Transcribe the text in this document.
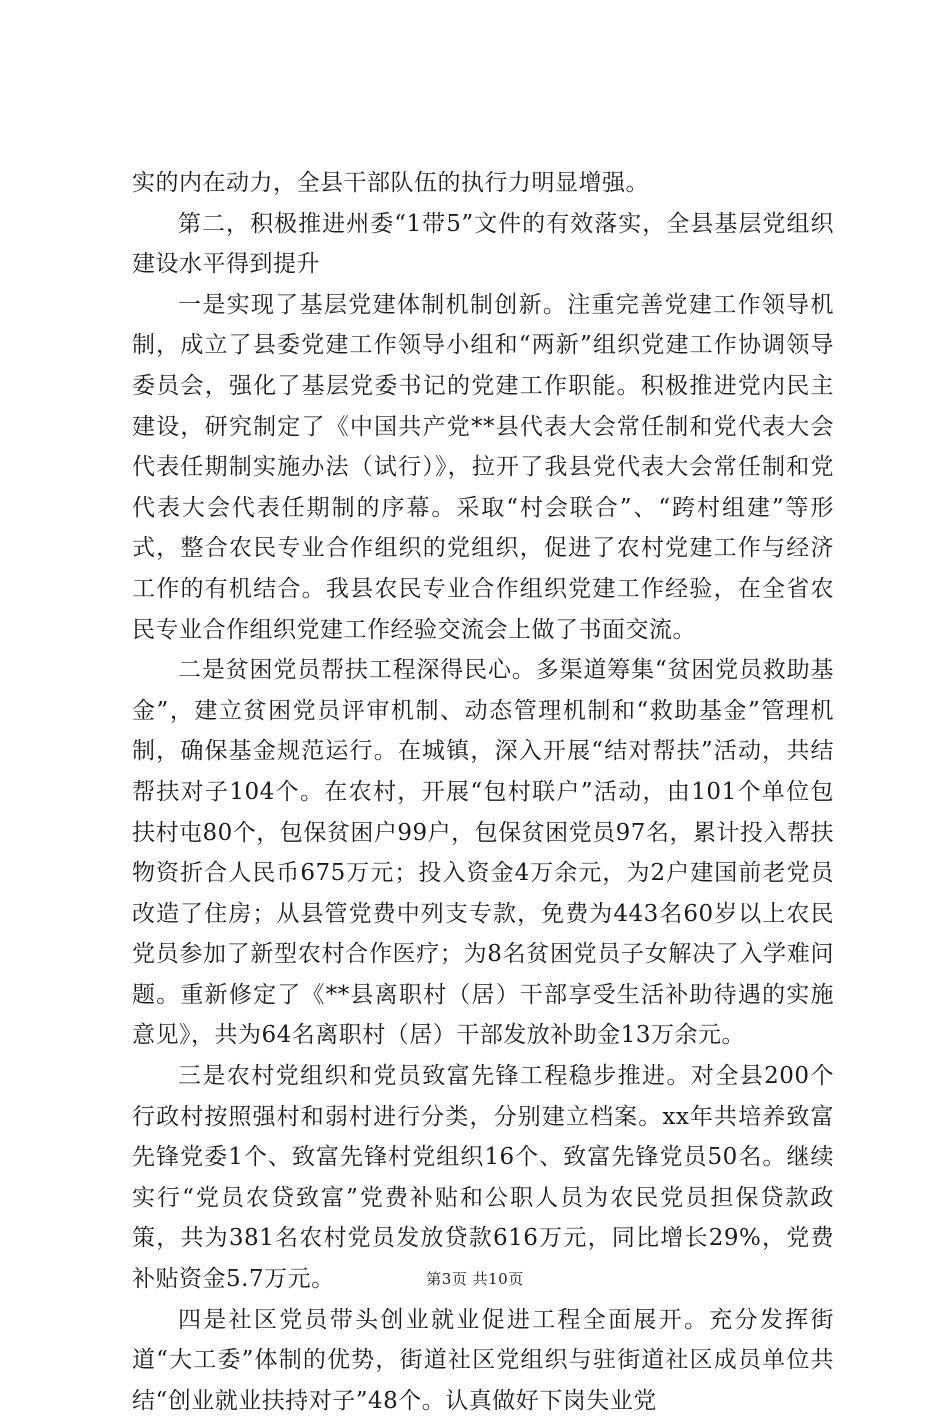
实的内在动力，全县干部队伍的执行力明显增强。

第二，积极推进州委“1带5”文件的有效落实，全县基层党组织建设水平得到提升

一是实现了基层党建体制机制创新。注重完善党建工作领导机制，成立了县委党建工作领导小组和“两新”组织党建工作协调领导委员会，强化了基层党委书记的党建工作职能。积极推进党内民主建设，研究制定了《中国共产党**县代表大会常任制和党代表大会代表任期制实施办法（试行）》，拉开了我县党代表大会常任制和党代表大会代表任期制的序幕。采取“村会联合”、“跨村组建”等形式，整合农民专业合作组织的党组织，促进了农村党建工作与经济工作的有机结合。我县农民专业合作组织党建工作经验，在全省农民专业合作组织党建工作经验交流会上做了书面交流。

二是贫困党员帮扶工程深得民心。多渠道筹集“贫困党员救助基金”，建立贫困党员评审机制、动态管理机制和“救助基金”管理机制，确保基金规范运行。在城镇，深入开展“结对帮扶”活动，共结帮扶对子104个。在农村，开展“包村联户”活动，由101个单位包扶村屯80个，包保贫困户99户，包保贫困党员97名，累计投入帮扶物资折合人民币675万元；投入资金4万余元，为2户建国前老党员改造了住房；从县管党费中列支专款，免费为443名60岁以上农民党员参加了新型农村合作医疗；为8名贫困党员子女解决了入学难问题。重新修定了《**县离职村（居）干部享受生活补助待遇的实施意见》，共为64名离职村（居）干部发放补助金13万余元。

三是农村党组织和党员致富先锋工程稳步推进。对全县200个行政村按照强村和弱村进行分类，分别建立档案。xx年共培养致富先锋党委1个、致富先锋村党组织16个、致富先锋党员50名。继续实行“党员农贷致富”党费补贴和公职人员为农民党员担保贷款政策，共为381名农村党员发放贷款616万元，同比增长29%，党费补贴资金5.7万元。

四是社区党员带头创业就业促进工程全面展开。充分发挥街道“大工委”体制的优势，街道社区党组织与驻街道社区成员单位共结“创业就业扶持对子”48个。认真做好下岗失业党

第3页 共10页
